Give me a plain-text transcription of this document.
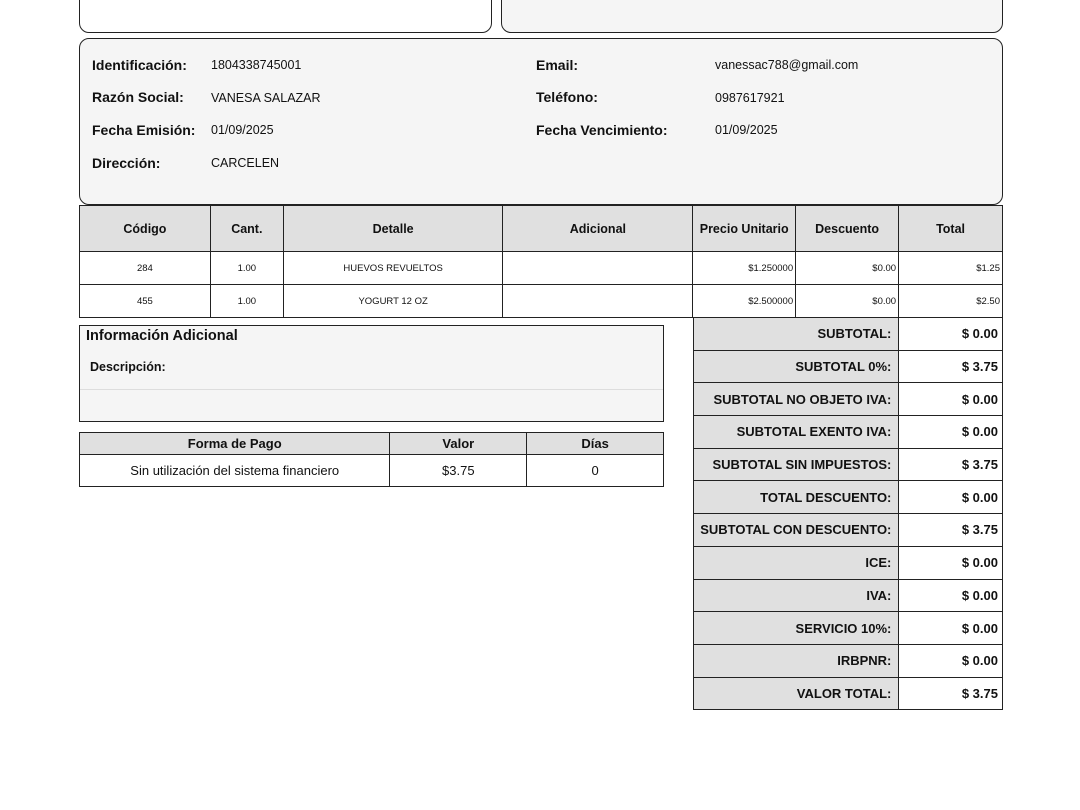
Identificación: 1804338745001
Razón Social: VANESA SALAZAR
Fecha Emisión: 01/09/2025
Dirección:	CARCELEN
Email:	vanessac788@gmail.com
Teléfono:	0987617921
Fecha Vencimiento:	01/09/2025
Código	Cant.	Detalle	Adicional	Precio Unitario	Descuento	Total
284	1.00	HUEVOS REVUELTOS		$1.250000	$0.00	$1.25
455	1.00	YOGURT 12 OZ		$2.500000	$0.00	$2.50
Información Adicional
Descripción:
Forma de Pago	Valor	Días
Sin utilización del sistema financiero	$3.75	0
SUBTOTAL:	$ 0.00
SUBTOTAL 0%:	$ 3.75
SUBTOTAL NO OBJETO IVA:	$ 0.00
SUBTOTAL EXENTO IVA:	$ 0.00
SUBTOTAL SIN IMPUESTOS:	$ 3.75
TOTAL DESCUENTO:	$ 0.00
SUBTOTAL CON DESCUENTO:	$ 3.75
ICE:	$ 0.00
IVA:	$ 0.00
SERVICIO 10%:	$ 0.00
IRBPNR:	$ 0.00
VALOR TOTAL:	$ 3.75
